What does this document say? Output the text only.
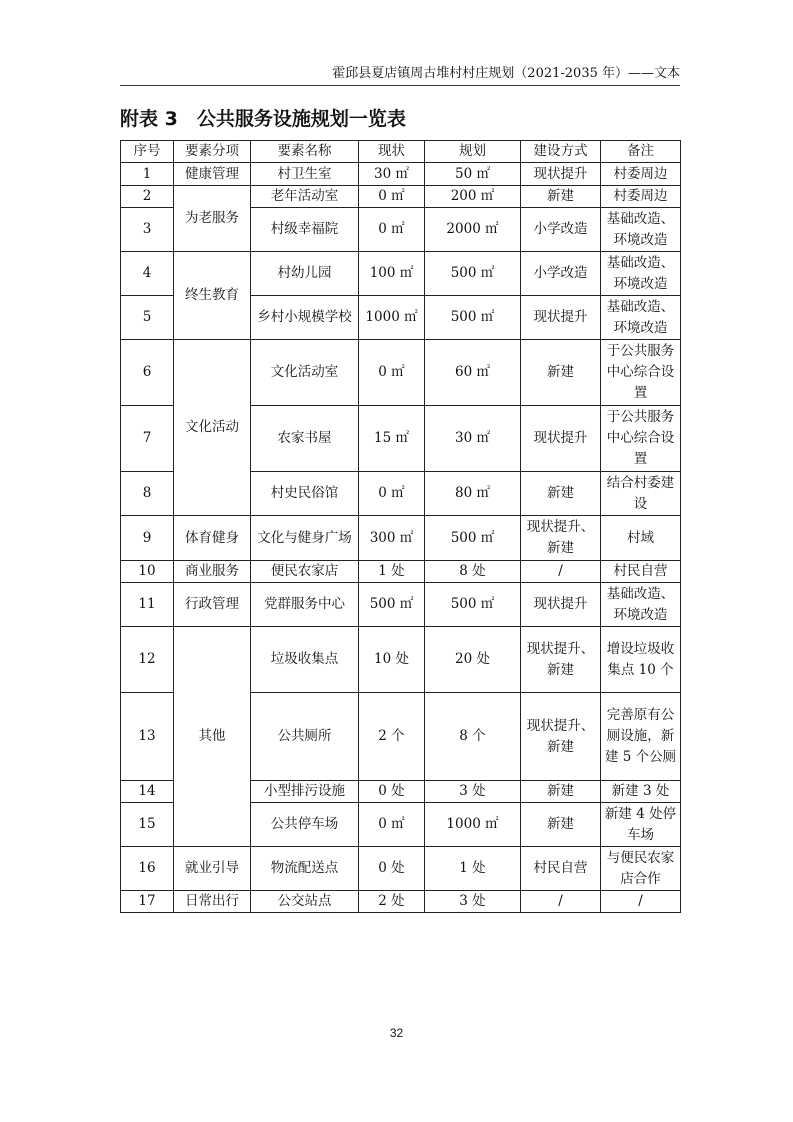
霍邱县夏店镇周古堆村村庄规划（2021-2035 年）——文本
附表 3　公共服务设施规划一览表
序号	要素分项	要素名称	现状	规划	建设方式	备注
1	健康管理	村卫生室	30 ㎡	50 ㎡	现状提升	村委周边
2	为老服务	老年活动室	0 ㎡	200 ㎡	新建	村委周边
3		村级幸福院	0 ㎡	2000 ㎡	小学改造	基础改造、环境改造
4	终生教育	村幼儿园	100 ㎡	500 ㎡	小学改造	基础改造、环境改造
5		乡村小规模学校	1000 ㎡	500 ㎡	现状提升	基础改造、环境改造
6	文化活动	文化活动室	0 ㎡	60 ㎡	新建	于公共服务中心综合设置
7		农家书屋	15 ㎡	30 ㎡	现状提升	于公共服务中心综合设置
8		村史民俗馆	0 ㎡	80 ㎡	新建	结合村委建设
9	体育健身	文化与健身广场	300 ㎡	500 ㎡	现状提升、新建	村域
10	商业服务	便民农家店	1 处	8 处	/	村民自营
11	行政管理	党群服务中心	500 ㎡	500 ㎡	现状提升	基础改造、环境改造
12	其他	垃圾收集点	10 处	20 处	现状提升、新建	增设垃圾收集点 10 个
13		公共厕所	2 个	8 个	现状提升、新建	完善原有公厕设施，新建 5 个公厕
14		小型排污设施	0 处	3 处	新建	新建 3 处
15		公共停车场	0 ㎡	1000 ㎡	新建	新建 4 处停车场
16	就业引导	物流配送点	0 处	1 处	村民自营	与便民农家店合作
17	日常出行	公交站点	2 处	3 处	/	/
32
